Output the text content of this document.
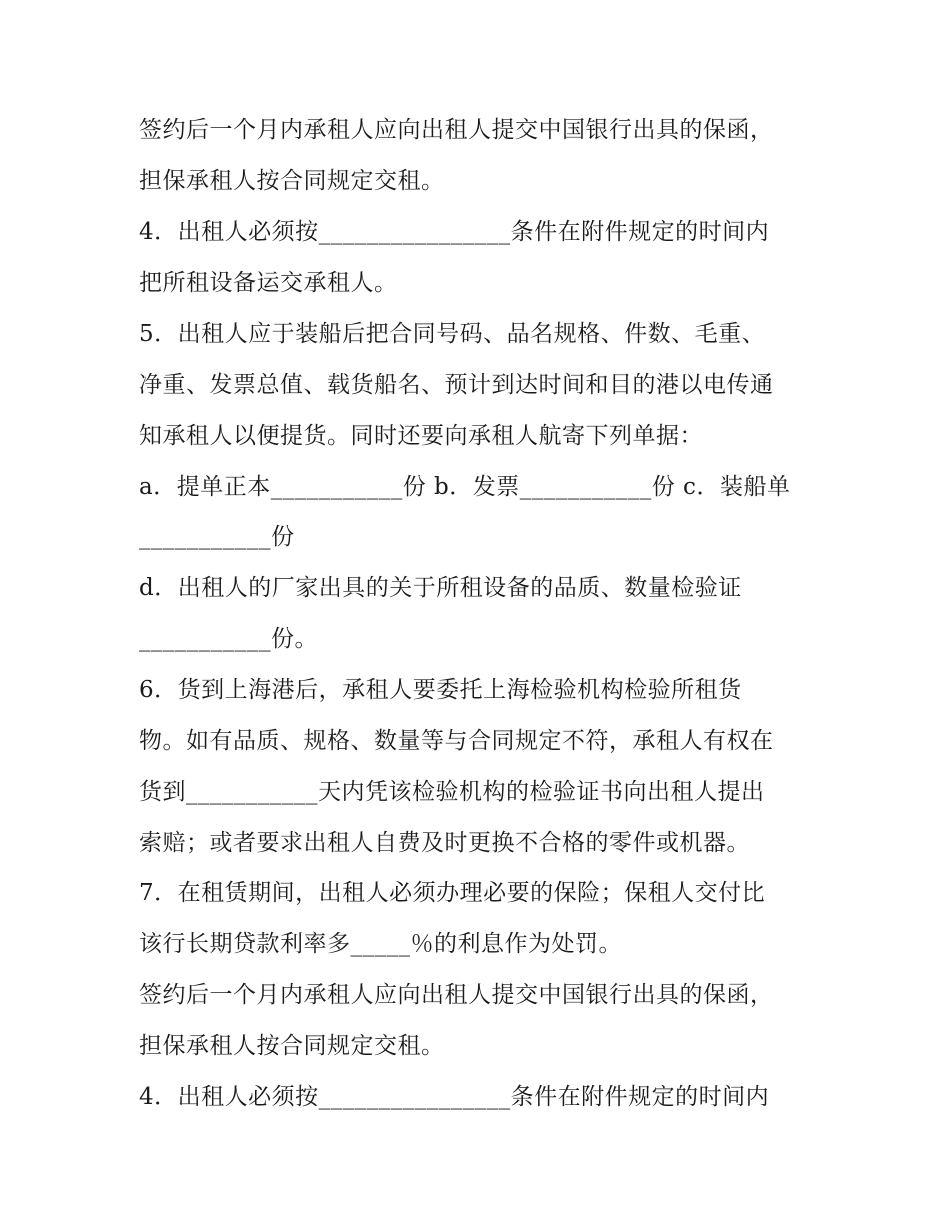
签约后一个月内承租人应向出租人提交中国银行出具的保函，
担保承租人按合同规定交租。
4．出租人必须按________________条件在附件规定的时间内
把所租设备运交承租人。
5．出租人应于装船后把合同号码、品名规格、件数、毛重、
净重、发票总值、载货船名、预计到达时间和目的港以电传通
知承租人以便提货。同时还要向承租人航寄下列单据：
a．提单正本___________份 b．发票___________份 c．装船单
___________份
d．出租人的厂家出具的关于所租设备的品质、数量检验证
___________份。
6．货到上海港后，承租人要委托上海检验机构检验所租货
物。如有品质、规格、数量等与合同规定不符，承租人有权在
货到___________天内凭该检验机构的检验证书向出租人提出
索赔；或者要求出租人自费及时更换不合格的零件或机器。
7．在租赁期间，出租人必须办理必要的保险；保租人交付比
该行长期贷款利率多_____％的利息作为处罚。
签约后一个月内承租人应向出租人提交中国银行出具的保函，
担保承租人按合同规定交租。
4．出租人必须按________________条件在附件规定的时间内
